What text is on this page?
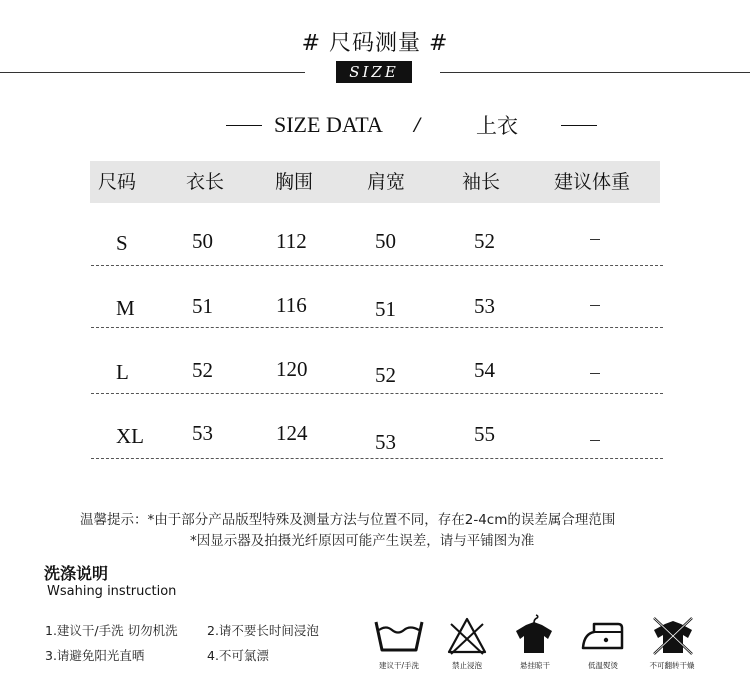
# 尺码测量 #
SIZE
SIZE DATA /	上衣
尺码	衣长	胸围	肩宽	袖长	建议体重
S	50	112	50	52
M	51	116	51	53
L	52	120	52	54
XL 53	124	53	55
温馨提示：*由于部分产品版型特殊及测量方法与位置不同，存在2-4cm的误差属合理范围
*因显示器及拍摄光纤原因可能产生误差，请与平铺图为准
洗涤说明
Wsahing instruction
1.建议干/手洗 切勿机洗 2.请不要长时间浸泡
3.请避免阳光直晒	4.不可氯漂
建议干/手洗	禁止浸泡	悬挂晾干	低温熨烫	不可翻转干燥
